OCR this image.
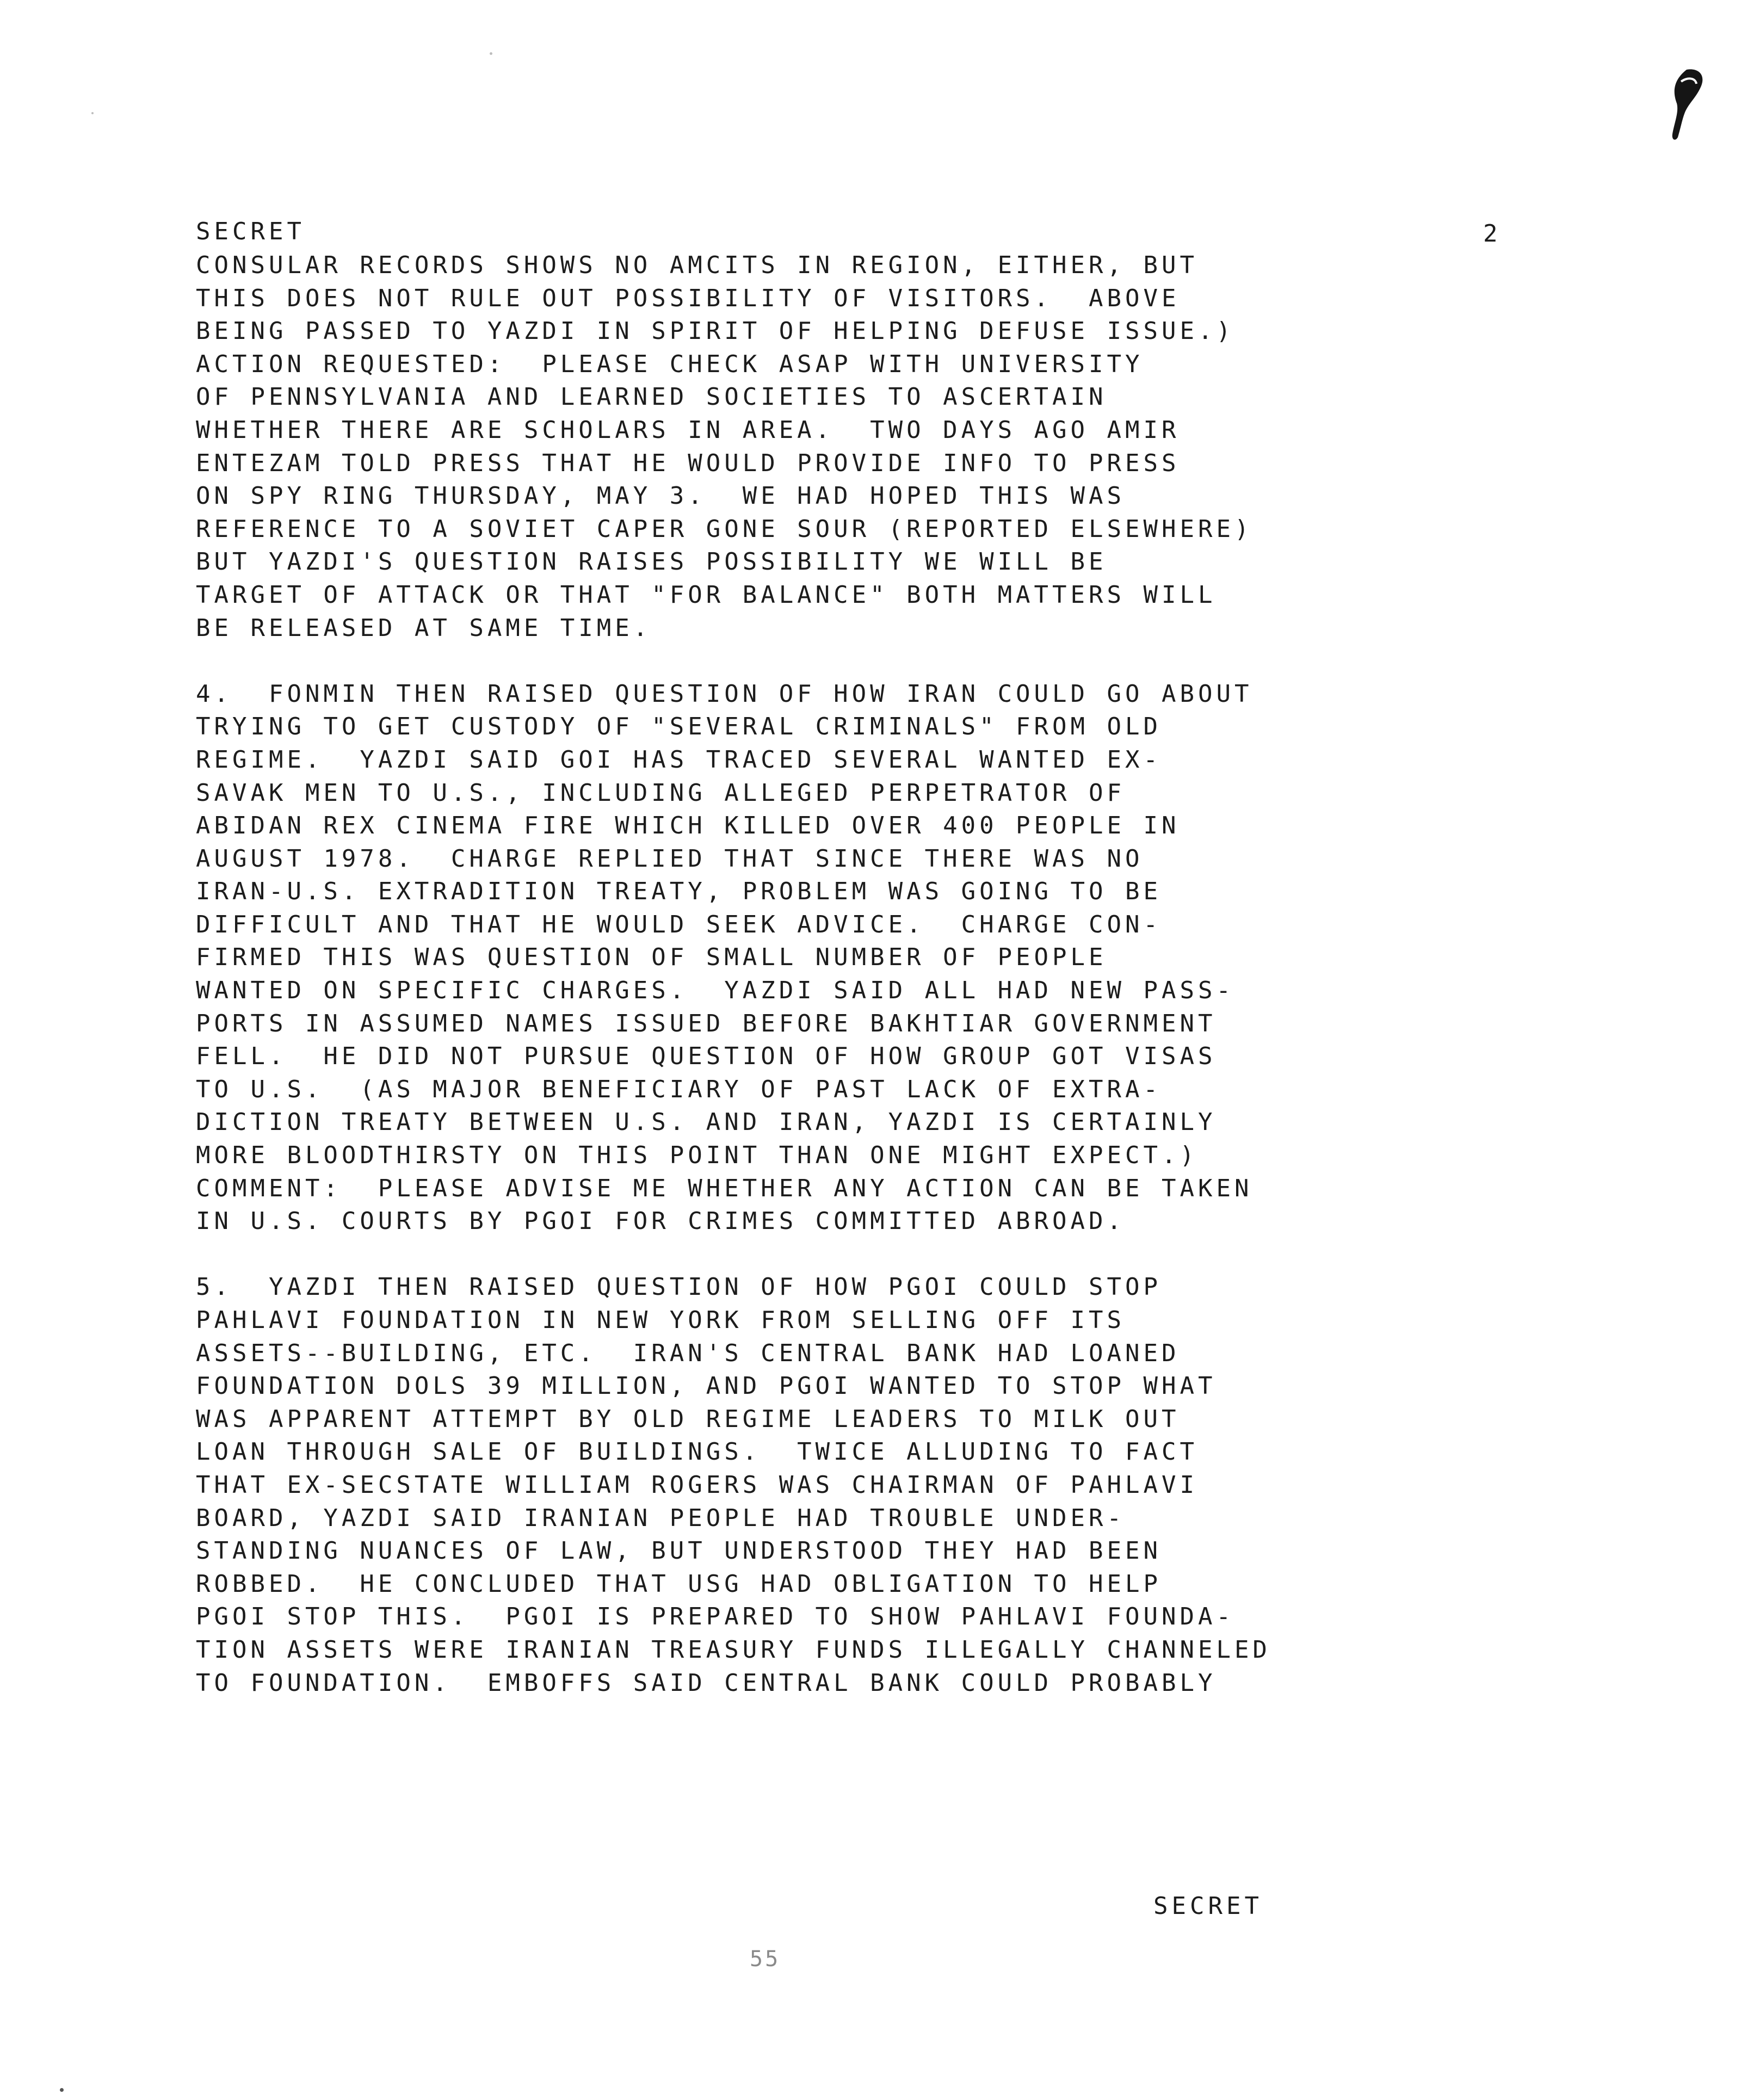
SECRET	2
CONSULAR RECORDS SHOWS NO AMCITS IN REGION, EITHER, BUT
THIS DOES NOT RULE OUT POSSIBILITY OF VISITORS.  ABOVE
BEING PASSED TO YAZDI IN SPIRIT OF HELPING DEFUSE ISSUE.)
ACTION REQUESTED:  PLEASE CHECK ASAP WITH UNIVERSITY
OF PENNSYLVANIA AND LEARNED SOCIETIES TO ASCERTAIN
WHETHER THERE ARE SCHOLARS IN AREA.  TWO DAYS AGO AMIR
ENTEZAM TOLD PRESS THAT HE WOULD PROVIDE INFO TO PRESS
ON SPY RING THURSDAY, MAY 3.  WE HAD HOPED THIS WAS
REFERENCE TO A SOVIET CAPER GONE SOUR (REPORTED ELSEWHERE)
BUT YAZDI'S QUESTION RAISES POSSIBILITY WE WILL BE
TARGET OF ATTACK OR THAT "FOR BALANCE" BOTH MATTERS WILL
BE RELEASED AT SAME TIME.
4.  FONMIN THEN RAISED QUESTION OF HOW IRAN COULD GO ABOUT
TRYING TO GET CUSTODY OF "SEVERAL CRIMINALS" FROM OLD
REGIME.  YAZDI SAID GOI HAS TRACED SEVERAL WANTED EX-
SAVAK MEN TO U.S., INCLUDING ALLEGED PERPETRATOR OF
ABIDAN REX CINEMA FIRE WHICH KILLED OVER 400 PEOPLE IN
AUGUST 1978.  CHARGE REPLIED THAT SINCE THERE WAS NO
IRAN-U.S. EXTRADITION TREATY, PROBLEM WAS GOING TO BE
DIFFICULT AND THAT HE WOULD SEEK ADVICE.  CHARGE CON-
FIRMED THIS WAS QUESTION OF SMALL NUMBER OF PEOPLE
WANTED ON SPECIFIC CHARGES.  YAZDI SAID ALL HAD NEW PASS-
PORTS IN ASSUMED NAMES ISSUED BEFORE BAKHTIAR GOVERNMENT
FELL.  HE DID NOT PURSUE QUESTION OF HOW GROUP GOT VISAS
TO U.S.  (AS MAJOR BENEFICIARY OF PAST LACK OF EXTRA-
DICTION TREATY BETWEEN U.S. AND IRAN, YAZDI IS CERTAINLY
MORE BLOODTHIRSTY ON THIS POINT THAN ONE MIGHT EXPECT.)
COMMENT:  PLEASE ADVISE ME WHETHER ANY ACTION CAN BE TAKEN
IN U.S. COURTS BY PGOI FOR CRIMES COMMITTED ABROAD.
5.  YAZDI THEN RAISED QUESTION OF HOW PGOI COULD STOP
PAHLAVI FOUNDATION IN NEW YORK FROM SELLING OFF ITS
ASSETS--BUILDING, ETC.  IRAN'S CENTRAL BANK HAD LOANED
FOUNDATION DOLS 39 MILLION, AND PGOI WANTED TO STOP WHAT
WAS APPARENT ATTEMPT BY OLD REGIME LEADERS TO MILK OUT
LOAN THROUGH SALE OF BUILDINGS.  TWICE ALLUDING TO FACT
THAT EX-SECSTATE WILLIAM ROGERS WAS CHAIRMAN OF PAHLAVI
BOARD, YAZDI SAID IRANIAN PEOPLE HAD TROUBLE UNDER-
STANDING NUANCES OF LAW, BUT UNDERSTOOD THEY HAD BEEN
ROBBED.  HE CONCLUDED THAT USG HAD OBLIGATION TO HELP
PGOI STOP THIS.  PGOI IS PREPARED TO SHOW PAHLAVI FOUNDA-
TION ASSETS WERE IRANIAN TREASURY FUNDS ILLEGALLY CHANNELED
TO FOUNDATION.  EMBOFFS SAID CENTRAL BANK COULD PROBABLY
SECRET
55
